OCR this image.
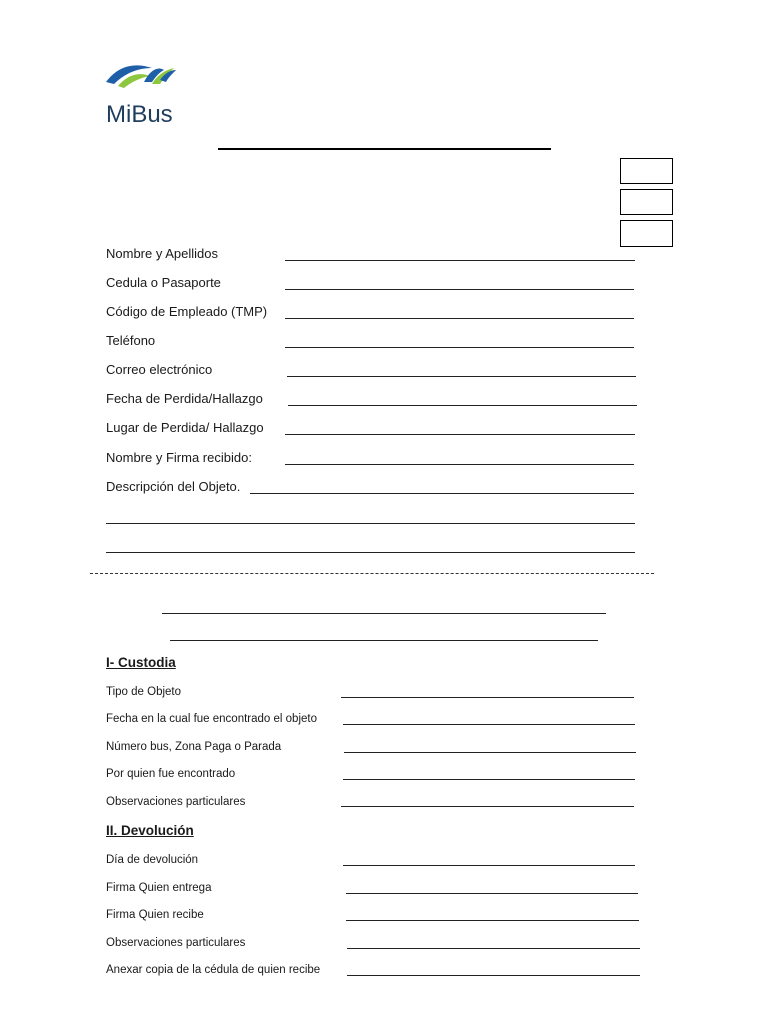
MiBus
Nombre y Apellidos
Cedula o Pasaporte
Código de Empleado (TMP)
Teléfono
Correo electrónico
Fecha de Perdida/Hallazgo
Lugar de Perdida/ Hallazgo
Nombre y Firma recibido:
Descripción del Objeto.
I- Custodia
Tipo de Objeto
Fecha en la cual fue encontrado el objeto
Número bus, Zona Paga o Parada
Por quien fue encontrado
Observaciones particulares
II. Devolución
Día de devolución
Firma Quien entrega
Firma Quien recibe
Observaciones particulares
Anexar copia de la cédula de quien recibe
